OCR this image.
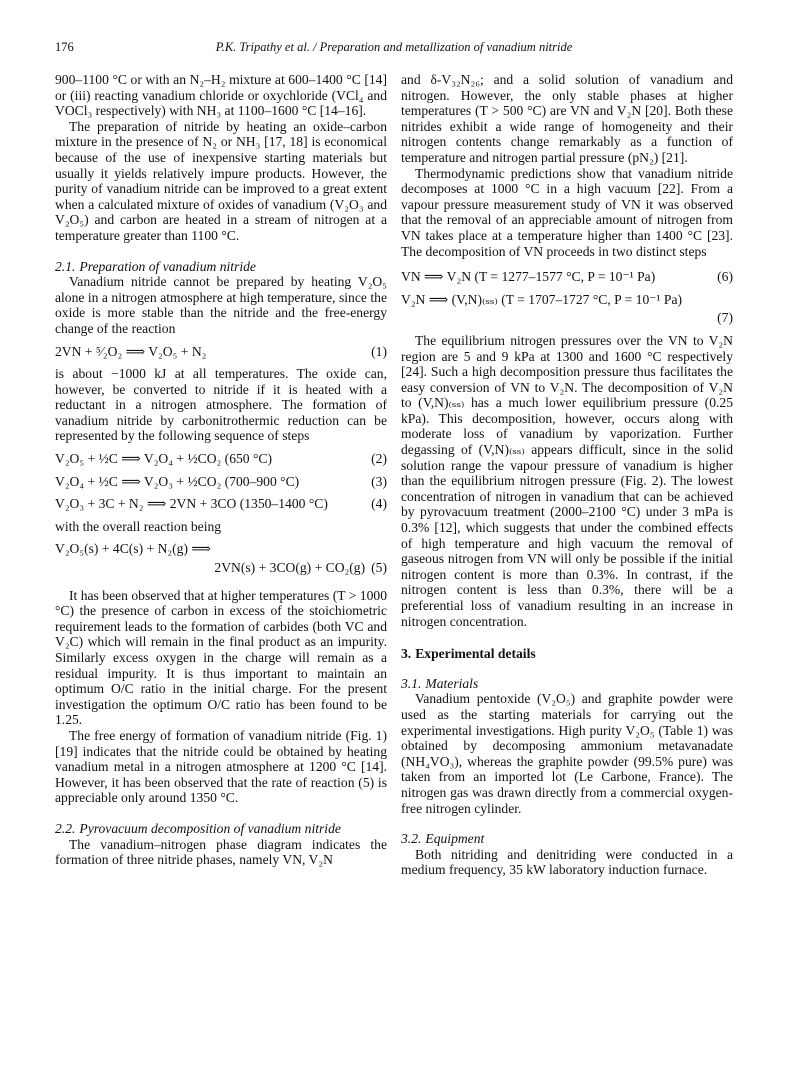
176	P.K. Tripathy et al. / Preparation and metallization of vanadium nitride

900–1100 °C or with an N₂–H₂ mixture at 600–1400 °C [14] or (iii) reacting vanadium chloride or oxychloride (VCl₄ and VOCl₃ respectively) with NH₃ at 1100–1600 °C [14–16].

The preparation of nitride by heating an oxide–carbon mixture in the presence of N₂ or NH₃ [17, 18] is economical because of the use of inexpensive starting materials but usually it yields relatively impure products. However, the purity of vanadium nitride can be improved to a great extent when a calculated mixture of oxides of vanadium (V₂O₃ and V₂O₅) and carbon are heated in a stream of nitrogen at a temperature greater than 1100 °C.

2.1. Preparation of vanadium nitride

Vanadium nitride cannot be prepared by heating V₂O₅ alone in a nitrogen atmosphere at high temperature, since the oxide is more stable than the nitride and the free-energy change of the reaction

2VN + ⁵⁄₂O₂ ⟹ V₂O₅ + N₂	(1)

is about −1000 kJ at all temperatures. The oxide can, however, be converted to nitride if it is heated with a reductant in a nitrogen atmosphere. The formation of vanadium nitride by carbonitrothermic reduction can be represented by the following sequence of steps

V₂O₅ + ½C ⟹ V₂O₄ + ½CO₂ (650 °C)	(2)
V₂O₄ + ½C ⟹ V₂O₃ + ½CO₂ (700–900 °C)	(3)
V₂O₃ + 3C + N₂ ⟹ 2VN + 3CO (1350–1400 °C)	(4)

with the overall reaction being

V₂O₅(s) + 4C(s) + N₂(g) ⟹
2VN(s) + 3CO(g) + CO₂(g) (5)

It has been observed that at higher temperatures (T > 1000 °C) the presence of carbon in excess of the stoichiometric requirement leads to the formation of carbides (both VC and V₂C) which will remain in the final product as an impurity. Similarly excess oxygen in the charge will remain as a residual impurity. It is thus important to maintain an optimum O/C ratio in the initial charge. For the present investigation the optimum O/C ratio has been found to be 1.25.

The free energy of formation of vanadium nitride (Fig. 1) [19] indicates that the nitride could be obtained by heating vanadium metal in a nitrogen atmosphere at 1200 °C [14]. However, it has been observed that the rate of reaction (5) is appreciable only around 1350 °C.

2.2. Pyrovacuum decomposition of vanadium nitride

The vanadium–nitrogen phase diagram indicates the formation of three nitride phases, namely VN, V₂N

and δ-V₃₂N₂₆; and a solid solution of vanadium and nitrogen. However, the only stable phases at higher temperatures (T > 500 °C) are VN and V₂N [20]. Both these nitrides exhibit a wide range of homogeneity and their nitrogen contents change remarkably as a function of temperature and nitrogen partial pressure (pN₂) [21].

Thermodynamic predictions show that vanadium nitride decomposes at 1000 °C in a high vacuum [22]. From a vapour pressure measurement study of VN it was observed that the removal of an appreciable amount of nitrogen from VN takes place at a temperature higher than 1400 °C [23]. The decomposition of VN proceeds in two distinct steps

VN ⟹ V₂N (T = 1277–1577 °C, P = 10⁻¹ Pa)	(6)
V₂N ⟹ (V,N)₍ₛₛ₎ (T = 1707–1727 °C, P = 10⁻¹ Pa)
(7)

The equilibrium nitrogen pressures over the VN to V₂N region are 5 and 9 kPa at 1300 and 1600 °C respectively [24]. Such a high decomposition pressure thus facilitates the easy conversion of VN to V₂N. The decomposition of V₂N to (V,N)₍ₛₛ₎ has a much lower equilibrium pressure (0.25 kPa). This decomposition, however, occurs along with moderate loss of vanadium by vaporization. Further degassing of (V,N)₍ₛₛ₎ appears difficult, since in the solid solution range the vapour pressure of vanadium is higher than the equilibrium nitrogen pressure (Fig. 2). The lowest concentration of nitrogen in vanadium that can be achieved by pyrovacuum treatment (2000–2100 °C) under 3 mPa is 0.3% [12], which suggests that under the combined effects of high temperature and high vacuum the removal of gaseous nitrogen from VN will only be possible if the initial nitrogen content is more than 0.3%. In contrast, if the nitrogen content is less than 0.3%, there will be a preferential loss of vanadium resulting in an increase in nitrogen concentration.

3. Experimental details
3.1. Materials

Vanadium pentoxide (V₂O₅) and graphite powder were used as the starting materials for carrying out the experimental investigations. High purity V₂O₅ (Table 1) was obtained by decomposing ammonium metavanadate (NH₄VO₃), whereas the graphite powder (99.5% pure) was taken from an imported lot (Le Carbone, France). The nitrogen gas was drawn directly from a commercial oxygen-free nitrogen cylinder.

3.2. Equipment

Both nitriding and denitriding were conducted in a medium frequency, 35 kW laboratory induction furnace.
